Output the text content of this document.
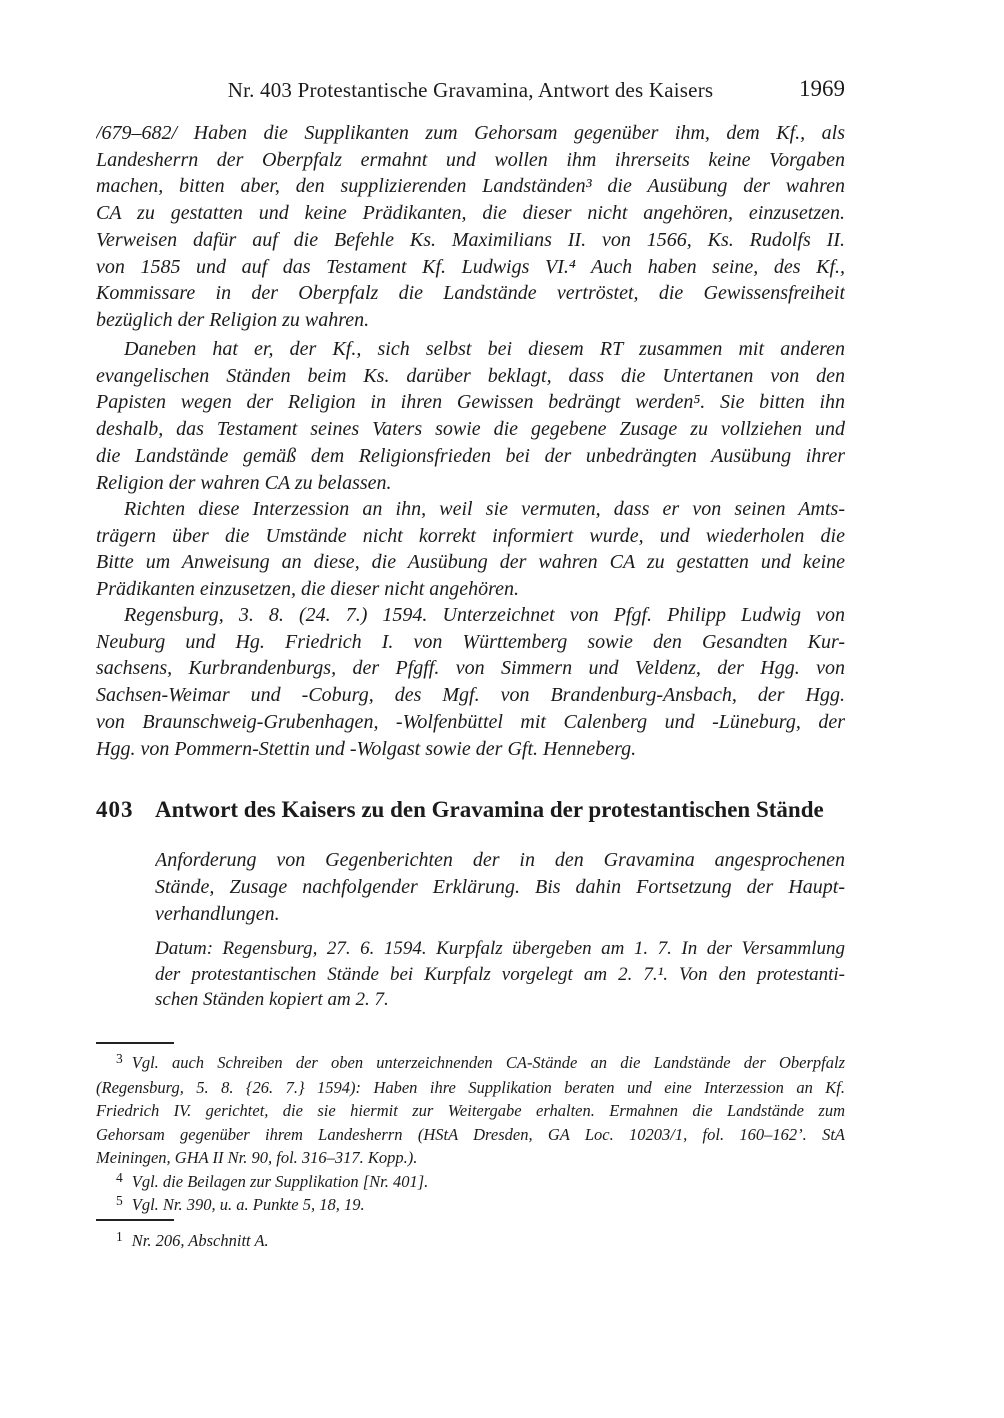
Nr. 403 Protestantische Gravamina, Antwort des Kaisers	1969
/679–682/ Haben die Supplikanten zum Gehorsam gegenüber ihm, dem Kf., als
Landesherrn der Oberpfalz ermahnt und wollen ihm ihrerseits keine Vorgaben
machen, bitten aber, den supplizierenden Landständen³ die Ausübung der wahren
CA zu gestatten und keine Prädikanten, die dieser nicht angehören, einzusetzen.
Verweisen dafür auf die Befehle Ks. Maximilians II. von 1566, Ks. Rudolfs II.
von 1585 und auf das Testament Kf. Ludwigs VI.⁴ Auch haben seine, des Kf.,
Kommissare in der Oberpfalz die Landstände vertröstet, die Gewissensfreiheit
bezüglich der Religion zu wahren.
Daneben hat er, der Kf., sich selbst bei diesem RT zusammen mit anderen
evangelischen Ständen beim Ks. darüber beklagt, dass die Untertanen von den
Papisten wegen der Religion in ihren Gewissen bedrängt werden⁵. Sie bitten ihn
deshalb, das Testament seines Vaters sowie die gegebene Zusage zu vollziehen und
die Landstände gemäß dem Religionsfrieden bei der unbedrängten Ausübung ihrer
Religion der wahren CA zu belassen.
Richten diese Interzession an ihn, weil sie vermuten, dass er von seinen Amts-
trägern über die Umstände nicht korrekt informiert wurde, und wiederholen die
Bitte um Anweisung an diese, die Ausübung der wahren CA zu gestatten und keine
Prädikanten einzusetzen, die dieser nicht angehören.
Regensburg, 3. 8. (24. 7.) 1594. Unterzeichnet von Pfgf. Philipp Ludwig von
Neuburg und Hg. Friedrich I. von Württemberg sowie den Gesandten Kur-
sachsens, Kurbrandenburgs, der Pfgff. von Simmern und Veldenz, der Hgg. von
Sachsen-Weimar und -Coburg, des Mgf. von Brandenburg-Ansbach, der Hgg.
von Braunschweig-Grubenhagen, -Wolfenbüttel mit Calenberg und -Lüneburg, der
Hgg. von Pommern-Stettin und -Wolgast sowie der Gft. Henneberg.
403 Antwort des Kaisers zu den Gravamina der protestantischen Stände
Anforderung von Gegenberichten der in den Gravamina angesprochenen
Stände, Zusage nachfolgender Erklärung. Bis dahin Fortsetzung der Haupt-
verhandlungen.
Datum: Regensburg, 27. 6. 1594. Kurpfalz übergeben am 1. 7. In der Versammlung
der protestantischen Stände bei Kurpfalz vorgelegt am 2. 7.¹. Von den protestanti-
schen Ständen kopiert am 2. 7.
$^3$ Vgl. auch Schreiben der oben unterzeichnenden CA-Stände an die Landstände der Oberpfalz
(Regensburg, 5. 8. {26. 7.} 1594): Haben ihre Supplikation beraten und eine Interzession an Kf.
Friedrich IV. gerichtet, die sie hiermit zur Weitergabe erhalten. Ermahnen die Landstände zum
Gehorsam gegenüber ihrem Landesherrn (HStA Dresden, GA Loc. 10203/1, fol. 160–162’. StA
Meiningen, GHA II Nr. 90, fol. 316–317. Kopp.).
$^4$ Vgl. die Beilagen zur Supplikation [Nr. 401].
$^5$ Vgl. Nr. 390, u. a. Punkte 5, 18, 19.
$^1$ Nr. 206, Abschnitt A.
